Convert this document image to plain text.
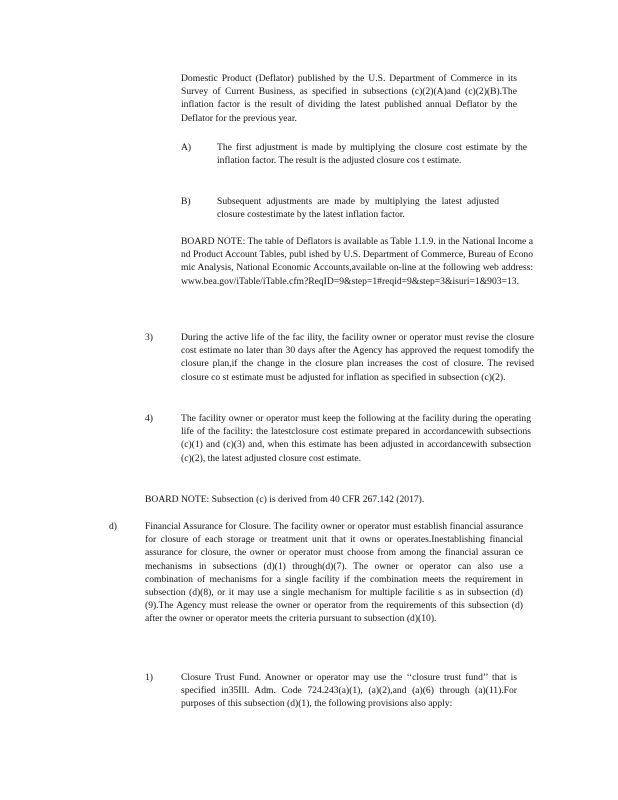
Domestic Product (Deflator) published by the U.S. Department of Commerce in its Survey of Current Business, as specified in subsections (c)(2)(A)and (c)(2)(B).The inflation factor is the result of dividing the latest published annual Deflator by the Deflator for the previous year.
A)	The first adjustment is made by multiplying the closure cost estimate by the inflation factor. The result is the adjusted closure cos t estimate.
B)	Subsequent adjustments are made by multiplying the latest adjusted closure costestimate by the latest inflation factor.
BOARD NOTE: The table of Deflators is available as Table 1.1.9. in the National Income and Product Account Tables, publ ished by U.S. Department of Commerce, Bureau of Economic Analysis, National Economic Accounts,available on-line at the following web address: www.bea.gov/iTable/iTable.cfm?ReqID=9&step=1#reqid=9&step=3&isuri=1&903=13.
3)	During the active life of the fac ility, the facility owner or operator must revise the closure cost estimate no later than 30 days after the Agency has approved the request tomodify the closure plan,if the change in the closure plan increases the cost of closure. The revised closure co st estimate must be adjusted for inflation as specified in subsection (c)(2).
4)	The facility owner or operator must keep the following at the facility during the operating life of the facility: the latestclosure cost estimate prepared in accordancewith subsections (c)(1) and (c)(3) and, when this estimate has been adjusted in accordancewith subsection (c)(2), the latest adjusted closure cost estimate.
BOARD NOTE: Subsection (c) is derived from 40 CFR 267.142 (2017).
d)	Financial Assurance for Closure. The facility owner or operator must establish financial assurance for closure of each storage or treatment unit that it owns or operates.Inestablishing financial assurance for closure, the owner or operator must choose from among the financial assuran ce mechanisms in subsections (d)(1) through(d)(7). The owner or operator can also use a combination of mechanisms for a single facility if the combination meets the requirement in subsection (d)(8), or it may use a single mechanism for multiple facilitie s as in subsection (d)(9).The Agency must release the owner or operator from the requirements of this subsection (d) after the owner or operator meets the criteria pursuant to subsection (d)(10).
1)	Closure Trust Fund. Anowner or operator may use the ‘‘closure trust fund’’ that is specified in35Ill. Adm. Code 724.243(a)(1), (a)(2),and (a)(6) through (a)(11).For purposes of this subsection (d)(1), the following provisions also apply:
